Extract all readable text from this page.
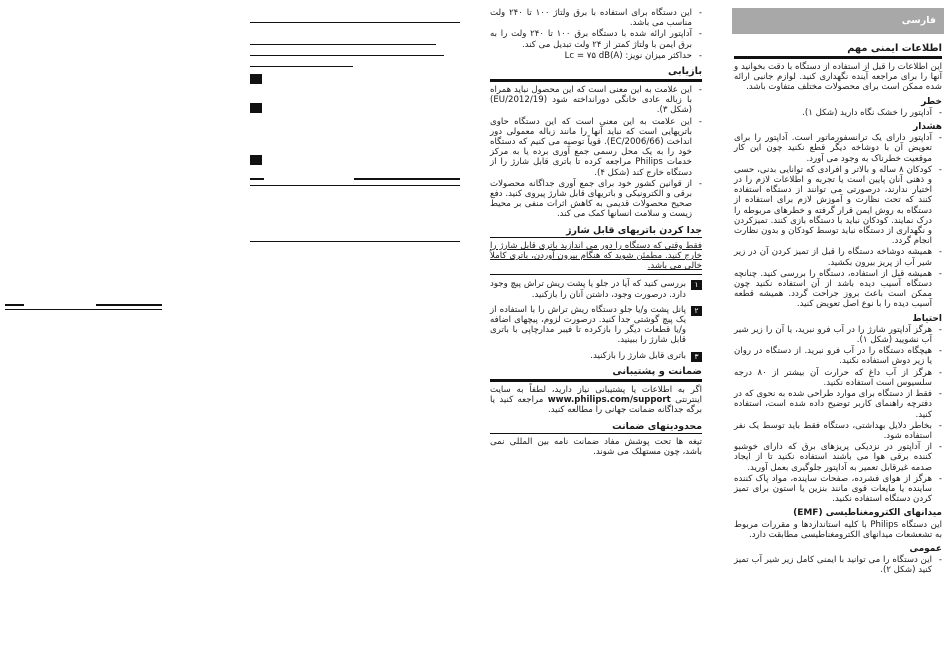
فارسی
اطلاعات ایمنی مهم

این اطلاعات را قبل از استفاده از دستگاه با دقت بخوانید و آنها را برای مراجعه آینده نگهداری کنید. لوازم جانبی ارائه شده ممکن است برای محصولات مختلف متفاوت باشد.

خطر
- آداپتور را خشک نگاه دارید (شکل ۱).
هشدار
- آداپتور دارای یک ترانسفورماتور است. آداپتور را برای تعویض آن با دوشاخه دیگر قطع نکنید چون این کار موقعیت خطرناک به وجود می آورد.
- کودکان ۸ ساله و بالاتر و افرادی که توانایی بدنی، حسی و ذهنی آنان پایین است یا تجربه و اطلاعات لازم را در اختیار ندارند، درصورتی می توانند از دستگاه استفاده کنند که تحت نظارت و آموزش لازم برای استفاده از دستگاه به روش ایمن قرار گرفته و خطرهای مربوطه را درک نمایند. کودکان نباید با دستگاه بازی کنند. تمیزکردن و نگهداری از دستگاه نباید توسط کودکان و بدون نظارت انجام گردد.
- همیشه دوشاخه دستگاه را قبل از تمیز کردن آن در زیر شیر آب از پریز بیرون بکشید.
- همیشه قبل از استفاده، دستگاه را بررسی کنید. چنانچه دستگاه آسیب دیده باشد از آن استفاده نکنید چون ممکن است باعث بروز جراحت گردد. همیشه قطعه آسیب دیده را با نوع اصل تعویض کنید.
احتیاط
- هرگز آداپتور شارژ را در آب فرو نبرید، یا آن را زیر شیر آب نشویید (شکل ۱).
- هیچگاه دستگاه را در آب فرو نبرید. از دستگاه در روان یا زیر دوش استفاده نکنید.
- هرگز از آب داغ که حرارت آن بیشتر از ۸۰ درجه سلسیوس است استفاده نکنید.
- فقط از دستگاه برای موارد طراحی شده به نحوی که در دفترچه راهنمای کاربر توضیح داده شده است، استفاده کنید.
- بخاطر دلایل بهداشتی، دستگاه فقط باید توسط یک نفر استفاده شود.
- از آداپتور در نزدیکی پریزهای برق که دارای خوشبو کننده برقی هوا می باشند استفاده نکنید تا از ایجاد صدمه غیرقابل تعمیر به آداپتور جلوگیری بعمل آورید.
- هرگز از هوای فشرده، صفحات ساینده، مواد پاک کننده ساینده یا مایعات قوی مانند بنزین یا استون برای تمیز کردن دستگاه استفاده نکنید.
میدانهای الکترومغناطیسی (EMF)

این دستگاه Philips با کلیه استانداردها و مقررات مربوط به تشعشعات میدانهای الکترومغناطیسی مطابقت دارد.

عمومی
- این دستگاه را می توانید با ایمنی کامل زیر شیر آب تمیز کنید (شکل ۲).
- این دستگاه برای استفاده با برق ولتاژ ۱۰۰ تا ۲۴۰ ولت مناسب می باشد.
- آداپتور ارائه شده با دستگاه برق ۱۰۰ تا ۲۴۰ ولت را به برق ایمن با ولتاژ کمتر از ۲۴ ولت تبدیل می کند.
- حداکثر میزان نویز: Lc = ۷۵ dB(A)
بازیابی
- این علامت به این معنی است که این محصول نباید همراه با زباله عادی خانگی دورانداخته شود (2012/19/EU) (شکل ۳).
- این علامت به این معنی است که این دستگاه حاوی باتریهایی است که نباید آنها را مانند زباله معمولی دور انداخت (2006/66/EC). قویاً توصیه می کنیم که دستگاه خود را به یک محل رسمی جمع آوری برده یا به مرکز خدمات Philips مراجعه کرده تا باتری قابل شارژ را از دستگاه خارج کند (شکل ۴).
- از قوانین کشور خود برای جمع آوری جداگانه محصولات برقی و الکترونیکی و باتریهای قابل شارژ پیروی کنید. دفع صحیح محصولات قدیمی به کاهش اثرات منفی بر محیط زیست و سلامت انسانها کمک می کند.
جدا کردن باتریهای قابل شارژ

فقط وقتی که دستگاه را دور می اندازید باتری قابل شارژ را خارج کنید. مطمئن شوید که هنگام بیرون آوردن، باتری کاملاً خالی می باشد.

۱
بررسی کنید که آیا در جلو یا پشت ریش تراش پیچ وجود دارد. درصورت وجود، داشتن آنان را بازکنید.
۲
پانل پشت و/یا جلو دستگاه ریش تراش را با استفاده از یک پیچ گوشتی جدا کنید. درصورت لزوم، پیچهای اضافه و/یا قطعات دیگر را بازکرده تا فیبر مدارچاپی با باتری قابل شارژ را ببینید.
۳
باتری قابل شارژ را بازکنید.
ضمانت و پشتیبانی

اگر به اطلاعات یا پشتیبانی نیاز دارید، لطفاً به سایت اینترنتی www.philips.com/support مراجعه کنید یا برگه جداگانه ضمانت جهانی را مطالعه کنید.

محدودیتهای ضمانت

تیغه ها تحت پوشش مفاد ضمانت نامه بین المللی نمی باشد، چون مستهلک می شوند.
